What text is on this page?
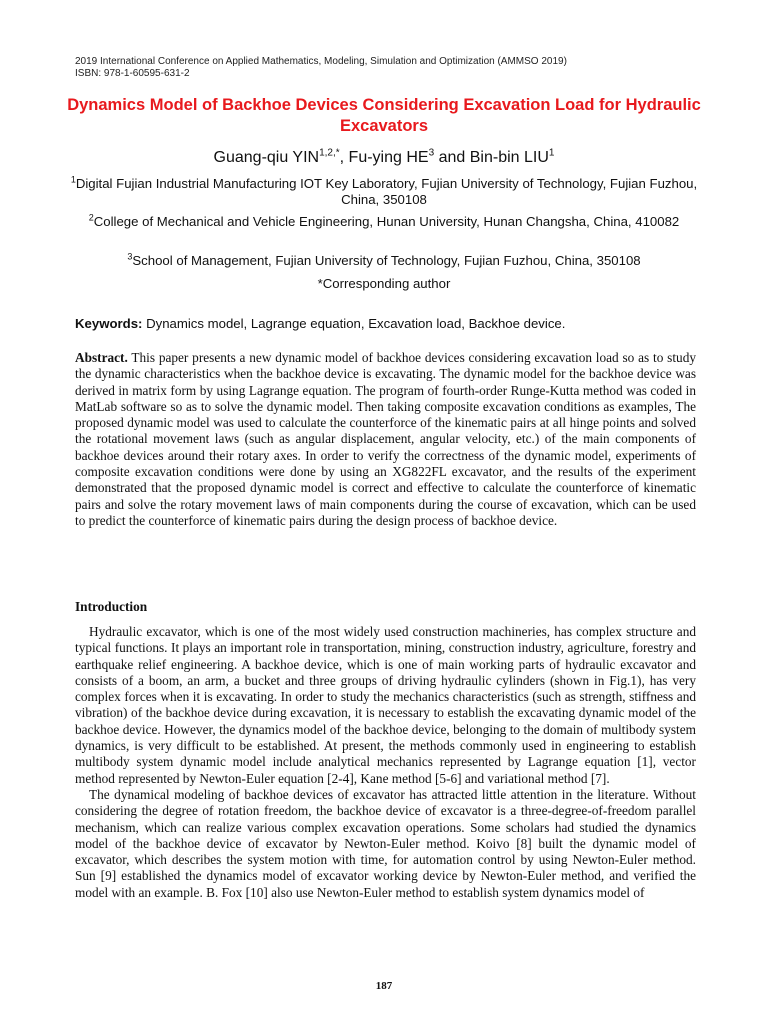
2019 International Conference on Applied Mathematics, Modeling, Simulation and Optimization (AMMSO 2019)
ISBN: 978-1-60595-631-2
Dynamics Model of Backhoe Devices Considering Excavation Load for Hydraulic Excavators
Guang-qiu $YIN^{1,2,*}$, Fu-ying $HE^3$ and Bin-bin LIU$^1$
$^1$Digital Fujian Industrial Manufacturing IOT Key Laboratory, Fujian University of Technology, Fujian Fuzhou, China, 350108
$^2$College of Mechanical and Vehicle Engineering, Hunan University, Hunan Changsha, China, 410082
$^3$School of Management, Fujian University of Technology, Fujian Fuzhou, China, 350108
*Corresponding author
Keywords: Dynamics model, Lagrange equation, Excavation load, Backhoe device.

Abstract. This paper presents a new dynamic model of backhoe devices considering excavation load so as to study the dynamic characteristics when the backhoe device is excavating. The dynamic model for the backhoe device was derived in matrix form by using Lagrange equation. The program of fourth-order Runge-Kutta method was coded in MatLab software so as to solve the dynamic model. Then taking composite excavation conditions as examples, The proposed dynamic model was used to calculate the counterforce of the kinematic pairs at all hinge points and solved the rotational movement laws (such as angular displacement, angular velocity, etc.) of the main components of backhoe devices around their rotary axes. In order to verify the correctness of the dynamic model, experiments of composite excavation conditions were done by using an XG822FL excavator, and the results of the experiment demonstrated that the proposed dynamic model is correct and effective to calculate the counterforce of kinematic pairs and solve the rotary movement laws of main components during the course of excavation, which can be used to predict the counterforce of kinematic pairs during the design process of backhoe device.

Introduction

Hydraulic excavator, which is one of the most widely used construction machineries, has complex structure and typical functions. It plays an important role in transportation, mining, construction industry, agriculture, forestry and earthquake relief engineering. A backhoe device, which is one of main working parts of hydraulic excavator and consists of a boom, an arm, a bucket and three groups of driving hydraulic cylinders (shown in Fig.1), has very complex forces when it is excavating. In order to study the mechanics characteristics (such as strength, stiffness and vibration) of the backhoe device during excavation, it is necessary to establish the excavating dynamic model of the backhoe device. However, the dynamics model of the backhoe device, belonging to the domain of multibody system dynamics, is very difficult to be established. At present, the methods commonly used in engineering to establish multibody system dynamic model include analytical mechanics represented by Lagrange equation [1], vector method represented by Newton-Euler equation [2-4], Kane method [5-6] and variational method [7].

The dynamical modeling of backhoe devices of excavator has attracted little attention in the literature. Without considering the degree of rotation freedom, the backhoe device of excavator is a three-degree-of-freedom parallel mechanism, which can realize various complex excavation operations. Some scholars had studied the dynamics model of the backhoe device of excavator by Newton-Euler method. Koivo [8] built the dynamic model of excavator, which describes the system motion with time, for automation control by using Newton-Euler method. Sun [9] established the dynamics model of excavator working device by Newton-Euler method, and verified the model with an example. B. Fox [10] also use Newton-Euler method to establish system dynamics model of

187
